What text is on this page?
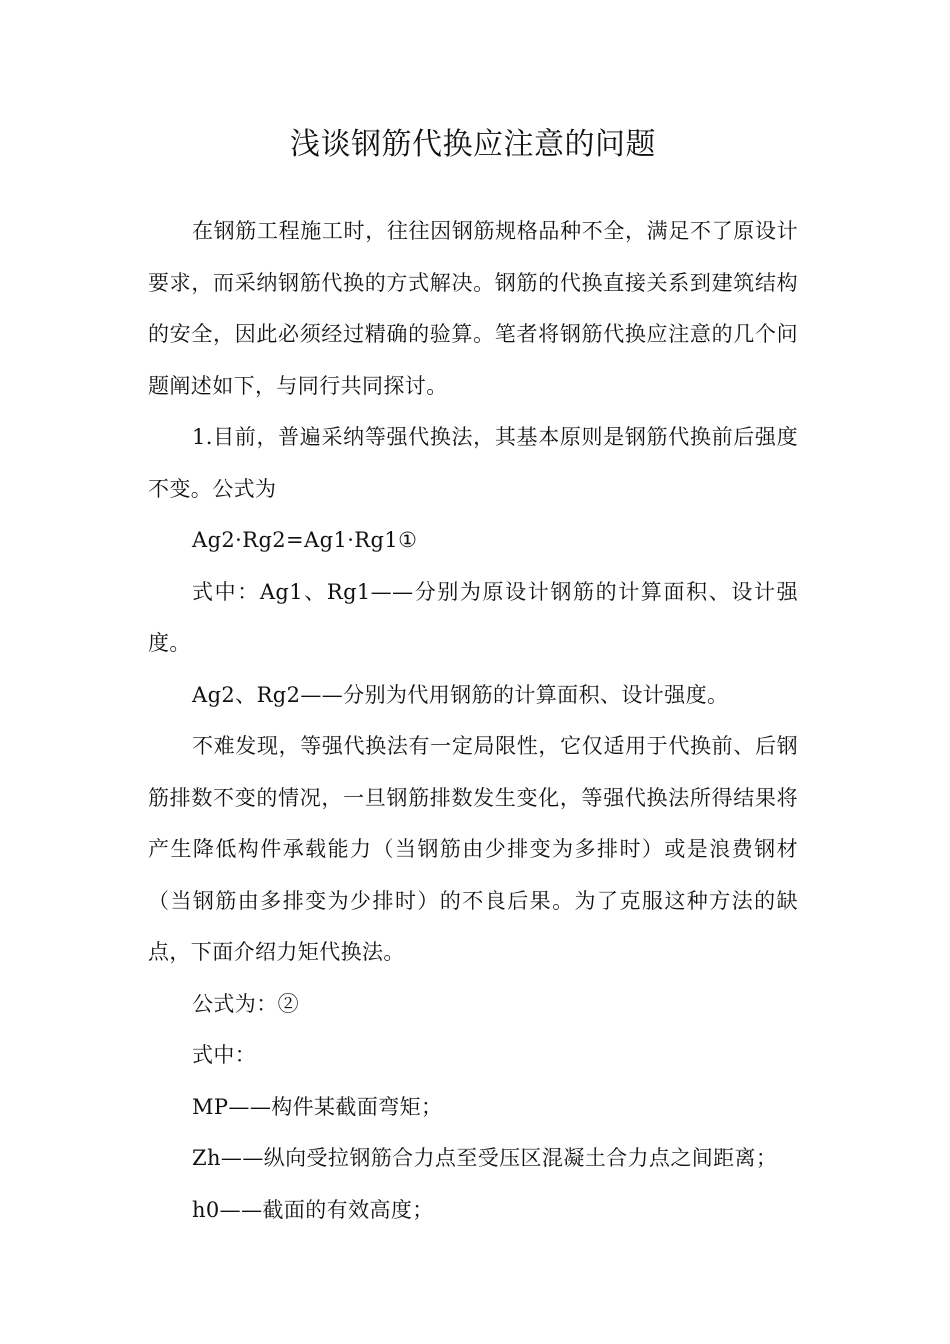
浅谈钢筋代换应注意的问题

在钢筋工程施工时，往往因钢筋规格品种不全，满足不了原设计要求，而采纳钢筋代换的方式解决。钢筋的代换直接关系到建筑结构的安全，因此必须经过精确的验算。笔者将钢筋代换应注意的几个问题阐述如下，与同行共同探讨。

1.目前，普遍采纳等强代换法，其基本原则是钢筋代换前后强度不变。公式为

Ag2·Rg2=Ag1·Rg1①

式中：Ag1、Rg1——分别为原设计钢筋的计算面积、设计强度。

Ag2、Rg2——分别为代用钢筋的计算面积、设计强度。

不难发现，等强代换法有一定局限性，它仅适用于代换前、后钢筋排数不变的情况，一旦钢筋排数发生变化，等强代换法所得结果将产生降低构件承载能力（当钢筋由少排变为多排时）或是浪费钢材（当钢筋由多排变为少排时）的不良后果。为了克服这种方法的缺点，下面介绍力矩代换法。

公式为：②

式中：

MP——构件某截面弯矩；

Zh——纵向受拉钢筋合力点至受压区混凝土合力点之间距离；

h0——截面的有效高度；
